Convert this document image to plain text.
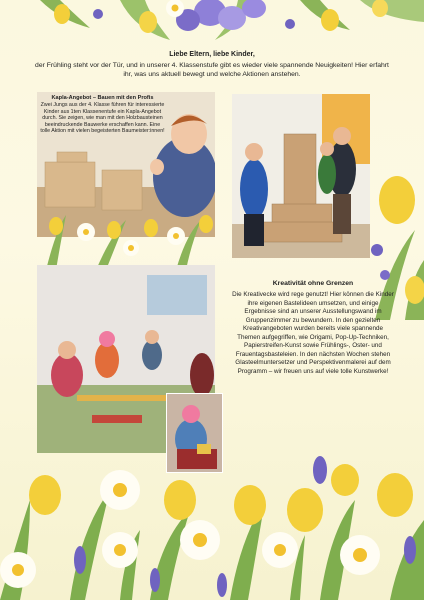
Liebe Eltern, liebe Kinder,
der Frühling steht vor der Tür, und in unserer 4. Klassenstufe gibt es wieder viele spannende Neuigkeiten! Hier erfahrt ihr, was uns aktuell bewegt und welche Aktionen anstehen.
Kapla-Angebot – Bauen mit den Profis
Zwei Jungs aus der 4. Klasse führen für interessierte Kinder aus 1ten Klassenentufe ein Kapla-Angebot durch. Sie zeigen, wie man mit den Holzbausteinen beeindruckende Bauwerke erschaffen kann. Eine tolle Aktion mit vielen begeisterten Baumeister:innen!
Kreativität ohne Grenzen
Die Kreativecke wird rege genutzt! Hier können die Kinder ihre eigenen Bastelideen umsetzen, und einige Ergebnisse sind an unserer Ausstellungswand im Gruppenzimmer zu bewundern. In den gezielten Kreativangeboten wurden bereits viele spannende Themen aufgegriffen, wie Origami, Pop-Up-Techniken, Papierstreifen-Kunst sowie Frühlings-, Oster- und Frauentagsbasteleien. In den nächsten Wochen stehen Glasteelmuntersetzer und Perspektivenmalerei auf dem Programm – wir freuen uns auf viele tolle Kunstwerke!
